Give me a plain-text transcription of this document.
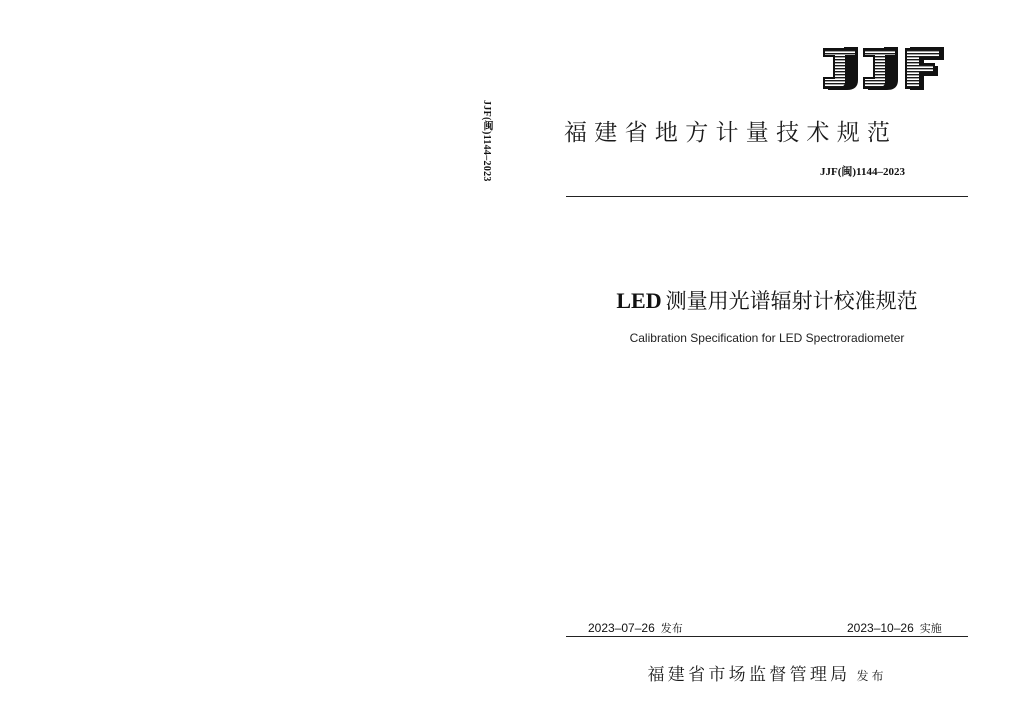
JJF(闽)1144–2023	福建省地方计量技术规范
JJF(闽)1144–2023
LED 测量用光谱辐射计校准规范
Calibration Specification for LED Spectroradiometer
2023–07–26 发布	2023–10–26 实施
福建省市场监督管理局 发布
